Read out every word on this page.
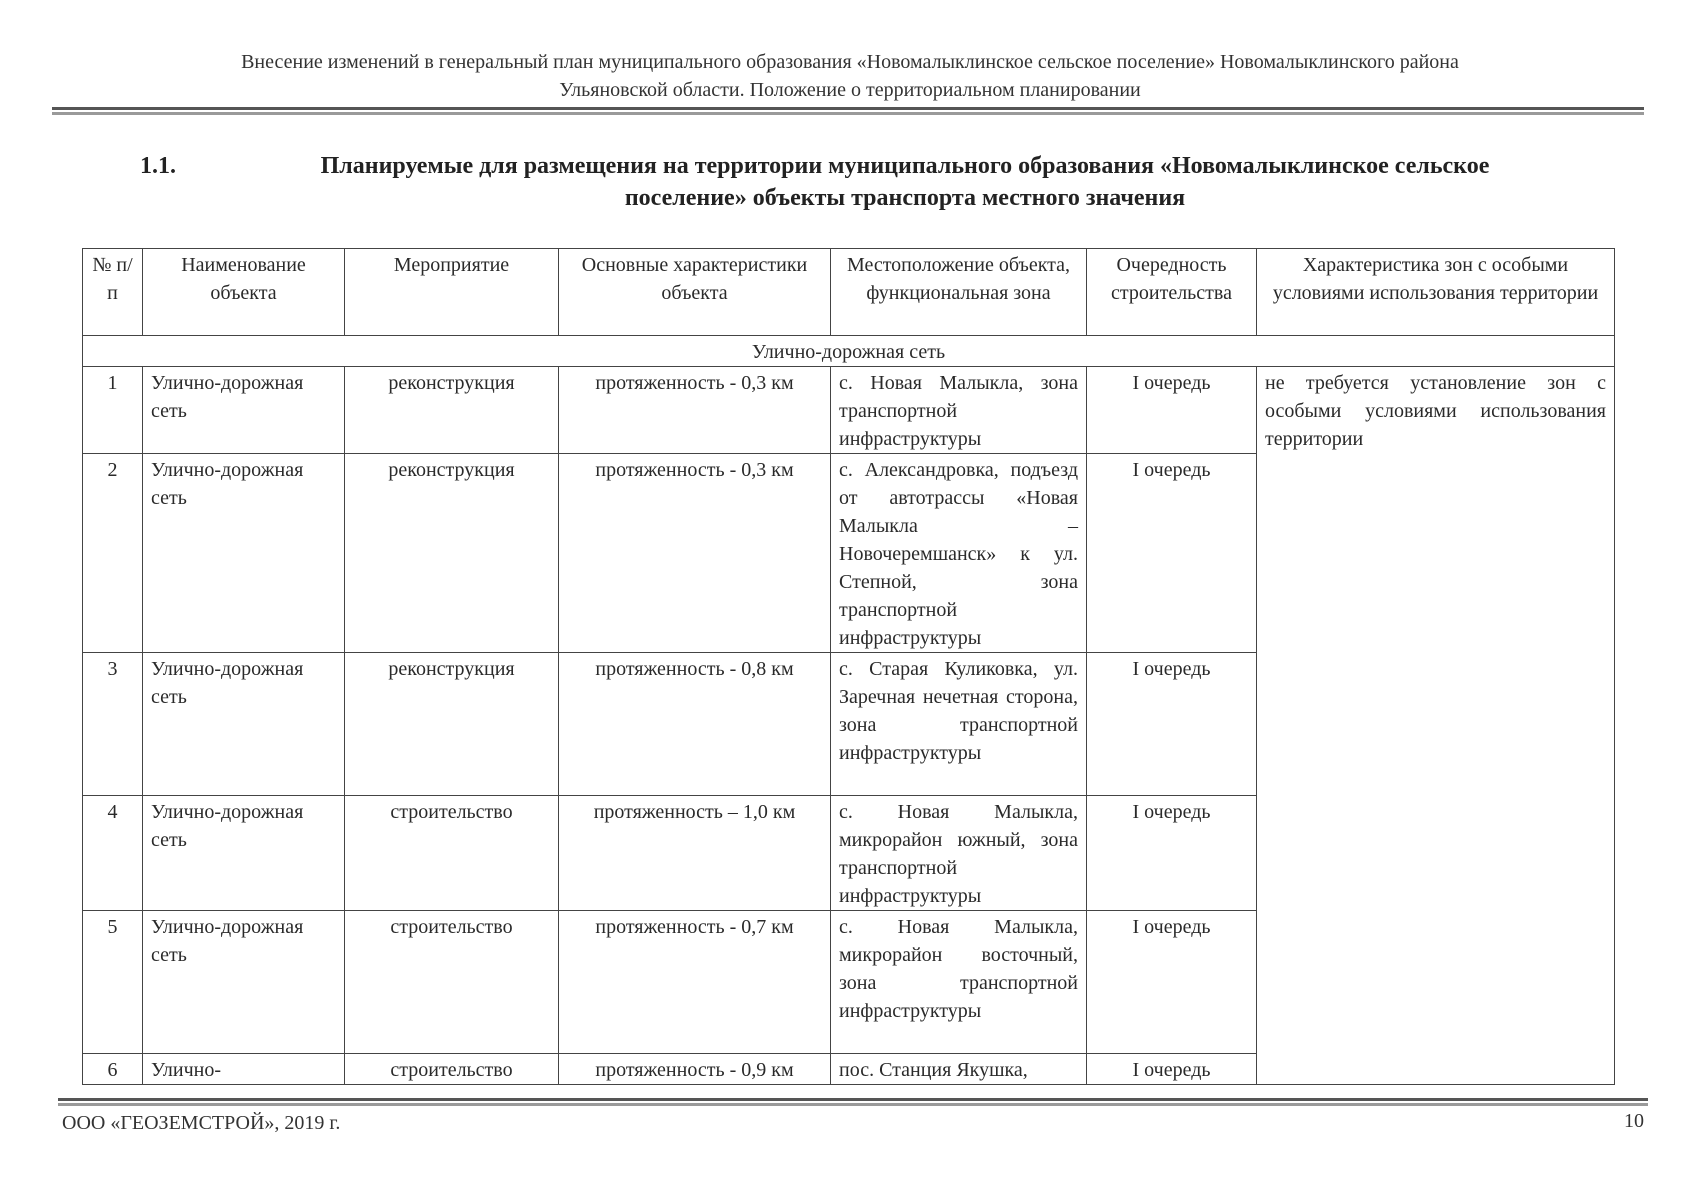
Внесение изменений в генеральный план муниципального образования «Новомалыклинское сельское поселение» Новомалыклинского района
Ульяновской области. Положение о территориальном планировании
1.1.	Планируемые для размещения на территории муниципального образования «Новомалыклинское сельское
поселение» объекты транспорта местного значения
№ п/п	Наименование объекта	Мероприятие	Основные характеристики объекта	Местоположение объекта, функциональная зона	Очередность строительства	Характеристика зон с особыми условиями использования территории
Улично-дорожная сеть						
1	Улично-дорожная сеть	реконструкция	протяженность - 0,3 км	с. Новая Малыкла, зона транспортной инфраструктуры	I очередь	не требуется установление зон с особыми условиями использования территории
2	Улично-дорожная сеть	реконструкция	протяженность - 0,3 км	с. Александровка, подъезд от автотрассы «Новая Малыкла – Новочеремшанск» к ул. Степной, зона транспортной инфраструктуры	I очередь	
3	Улично-дорожная сеть	реконструкция	протяженность - 0,8 км	с. Старая Куликовка, ул. Заречная нечетная сторона, зона транспортной инфраструктуры	I очередь	
4	Улично-дорожная сеть	строительство	протяженность – 1,0 км	с. Новая Малыкла, микрорайон южный, зона транспортной инфраструктуры	I очередь	
5	Улично-дорожная сеть	строительство	протяженность - 0,7 км	с. Новая Малыкла, микрорайон восточный, зона транспортной инфраструктуры	I очередь	
6	Улично-	строительство	протяженность - 0,9 км	пос. Станция Якушка,	I очередь	
ООО «ГЕОЗЕМСТРОЙ», 2019 г.	10
